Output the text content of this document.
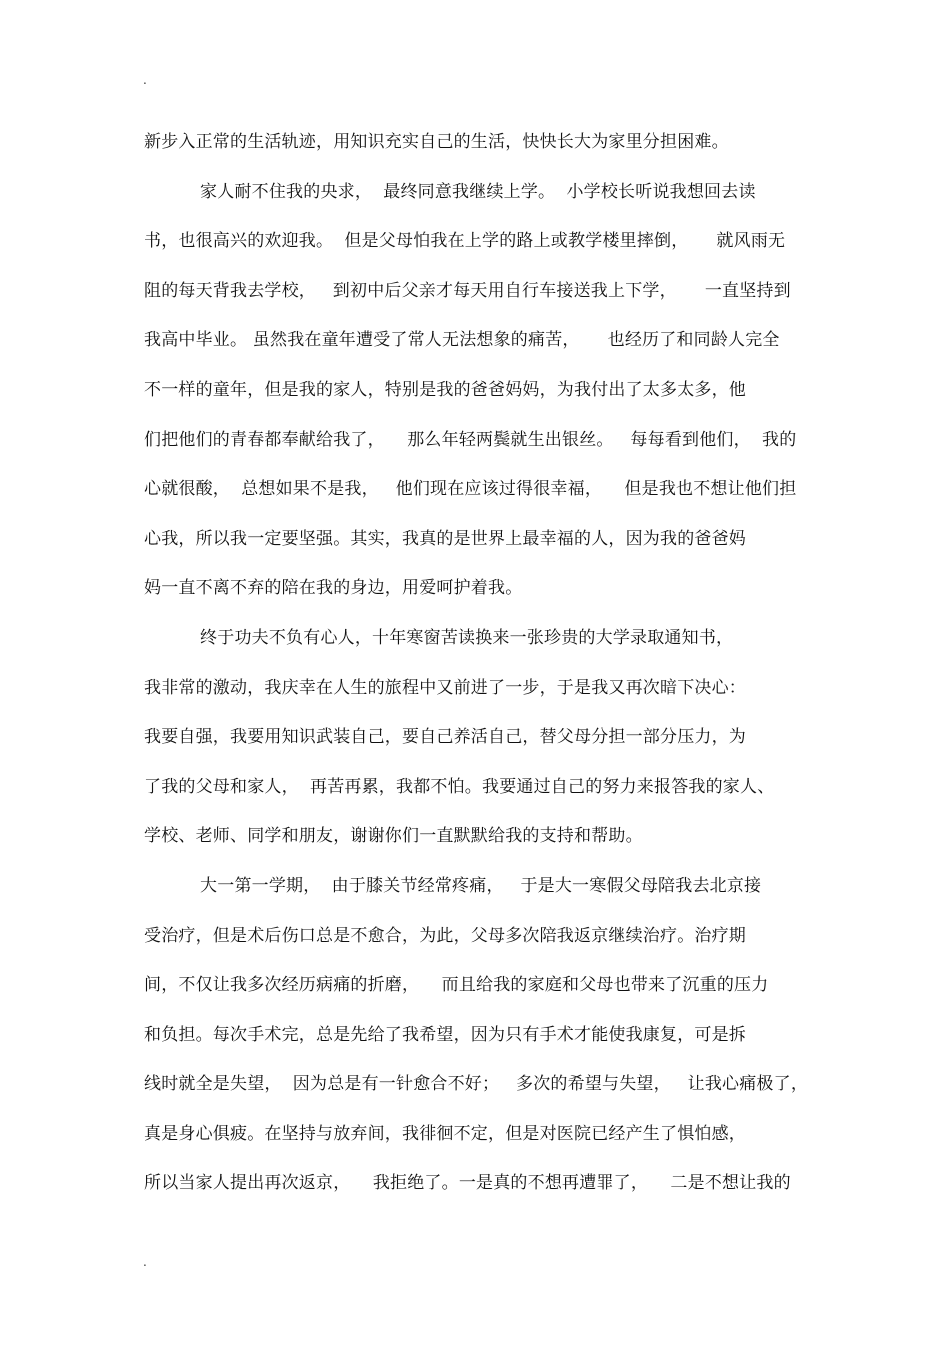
.
新步入正常的生活轨迹，用知识充实自己的生活，快快长大为家里分担困难。
家人耐不住我的央求，  最终同意我继续上学。  小学校长听说我想回去读
书，也很高兴的欢迎我。  但是父母怕我在上学的路上或教学楼里摔倒，     就风雨无
阻的每天背我去学校，   到初中后父亲才每天用自行车接送我上下学，     一直坚持到
我高中毕业。 虽然我在童年遭受了常人无法想象的痛苦，     也经历了和同龄人完全
不一样的童年，但是我的家人，特别是我的爸爸妈妈，为我付出了太多太多，他
们把他们的青春都奉献给我了，    那么年轻两鬓就生出银丝。   每每看到他们，  我的
心就很酸，  总想如果不是我，   他们现在应该过得很幸福，    但是我也不想让他们担
心我，所以我一定要坚强。其实，我真的是世界上最幸福的人，因为我的爸爸妈
妈一直不离不弃的陪在我的身边，用爱呵护着我。
终于功夫不负有心人，十年寒窗苦读换来一张珍贵的大学录取通知书，
我非常的激动，我庆幸在人生的旅程中又前进了一步，于是我又再次暗下决心：
我要自强，我要用知识武装自己，要自己养活自己，替父母分担一部分压力，为
了我的父母和家人，  再苦再累，我都不怕。我要通过自己的努力来报答我的家人、
学校、老师、同学和朋友，谢谢你们一直默默给我的支持和帮助。
大一第一学期，  由于膝关节经常疼痛，   于是大一寒假父母陪我去北京接
受治疗，但是术后伤口总是不愈合，为此，父母多次陪我返京继续治疗。治疗期
间，不仅让我多次经历病痛的折磨，    而且给我的家庭和父母也带来了沉重的压力
和负担。每次手术完，总是先给了我希望，因为只有手术才能使我康复，可是拆
线时就全是失望，  因为总是有一针愈合不好；   多次的希望与失望，   让我心痛极了，
真是身心俱疲。在坚持与放弃间，我徘徊不定，但是对医院已经产生了惧怕感，
所以当家人提出再次返京，    我拒绝了。一是真的不想再遭罪了，    二是不想让我的
.
